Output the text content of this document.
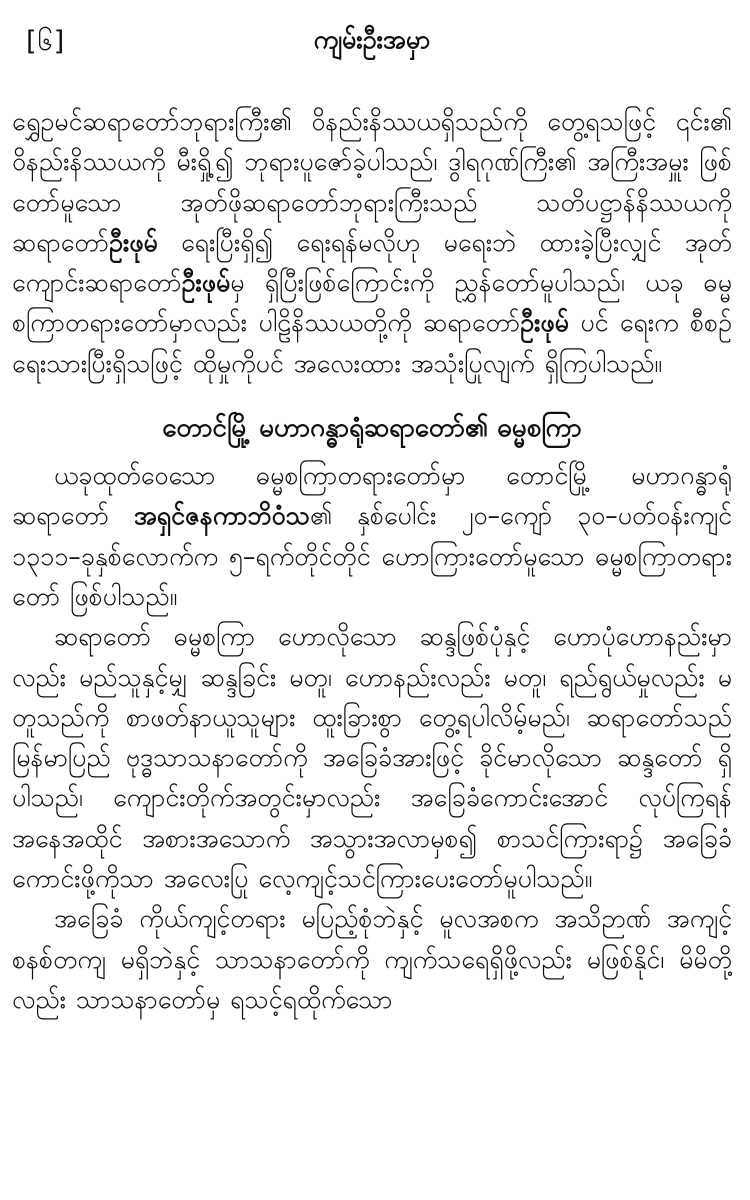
[၆]	ကျမ်းဦးအမှာ

ရွှေဥမင်ဆရာတော်ဘုရားကြီး၏ ဝိနည်းနိဿယရှိသည်ကို တွေ့ရသဖြင့် ၎င်း၏ ဝိနည်းနိဿယကို မီးရှို့၍ ဘုရားပူဇော်ခဲ့ပါသည်၊ ဒွါရဂုဏ်ကြီး၏ အကြီးအမှူး ဖြစ်တော်မူသော အုတ်ဖိုဆရာတော်ဘုရားကြီးသည် သတိပဋ္ဌာန်နိဿယကို ဆရာတော်ဦးဖုမ် ရေးပြီးရှိ၍ ရေးရန်မလိုဟု မရေးဘဲ ထားခဲ့ပြီးလျှင် အုတ်ကျောင်းဆရာတော်ဦးဖုမ်မှ ရှိပြီးဖြစ်ကြောင်းကို ညွှန်တော်မူပါသည်၊ ယခု ဓမ္မစကြာတရားတော်မှာလည်း ပါဠိနိဿယတို့ကို ဆရာတော်ဦးဖုမ် ပင် ရေးက စီစဉ်ရေးသားပြီးရှိသဖြင့် ထိုမှုကိုပင် အလေးထား အသုံးပြုလျက် ရှိကြပါသည်။

တောင်မြို့ မဟာဂန္ဓာရုံဆရာတော်၏ ဓမ္မစကြာ

ယခုထုတ်ဝေသော ဓမ္မစကြာတရားတော်မှာ တောင်မြို့ မဟာဂန္ဓာရုံဆရာတော် အရှင်ဇနကာဘိဝံသ၏ နှစ်ပေါင်း ၂၀–ကျော် ၃၀–ပတ်ဝန်းကျင် ၁၃၁၁–ခုနှစ်လောက်က ၅–ရက်တိုင်တိုင် ဟောကြားတော်မူသော ဓမ္မစကြာတရားတော် ဖြစ်ပါသည်။

ဆရာတော် ဓမ္မစကြာ ဟောလိုသော ဆန္ဒဖြစ်ပုံနှင့် ဟောပုံဟောနည်းမှာလည်း မည်သူနှင့်မျှ ဆန္ဒခြင်း မတူ၊ ဟောနည်းလည်း မတူ၊ ရည်ရွယ်မှုလည်း မတူသည်ကို စာဖတ်နာယူသူများ ထူးခြားစွာ တွေ့ရပါလိမ့်မည်၊ ဆရာတော်သည် မြန်မာပြည် ဗုဒ္ဓသာသနာတော်ကို အခြေခံအားဖြင့် ခိုင်မာလိုသော ဆန္ဒတော် ရှိပါသည်၊ ကျောင်းတိုက်အတွင်းမှာလည်း အခြေခံကောင်းအောင် လုပ်ကြရန် အနေအထိုင် အစားအသောက် အသွားအလာမှစ၍ စာသင်ကြားရာ၌ အခြေခံကောင်းဖို့ကိုသာ အလေးပြု လေ့ကျင့်သင်ကြားပေးတော်မူပါသည်။

အခြေခံ ကိုယ်ကျင့်တရား မပြည့်စုံဘဲနှင့် မူလအစက အသိဉာဏ် အကျင့်စနစ်တကျ မရှိဘဲနှင့် သာသနာတော်ကို ကျက်သရေရှိဖို့လည်း မဖြစ်နိုင်၊ မိမိတို့လည်း သာသနာတော်မှ ရသင့်ရထိုက်သော
